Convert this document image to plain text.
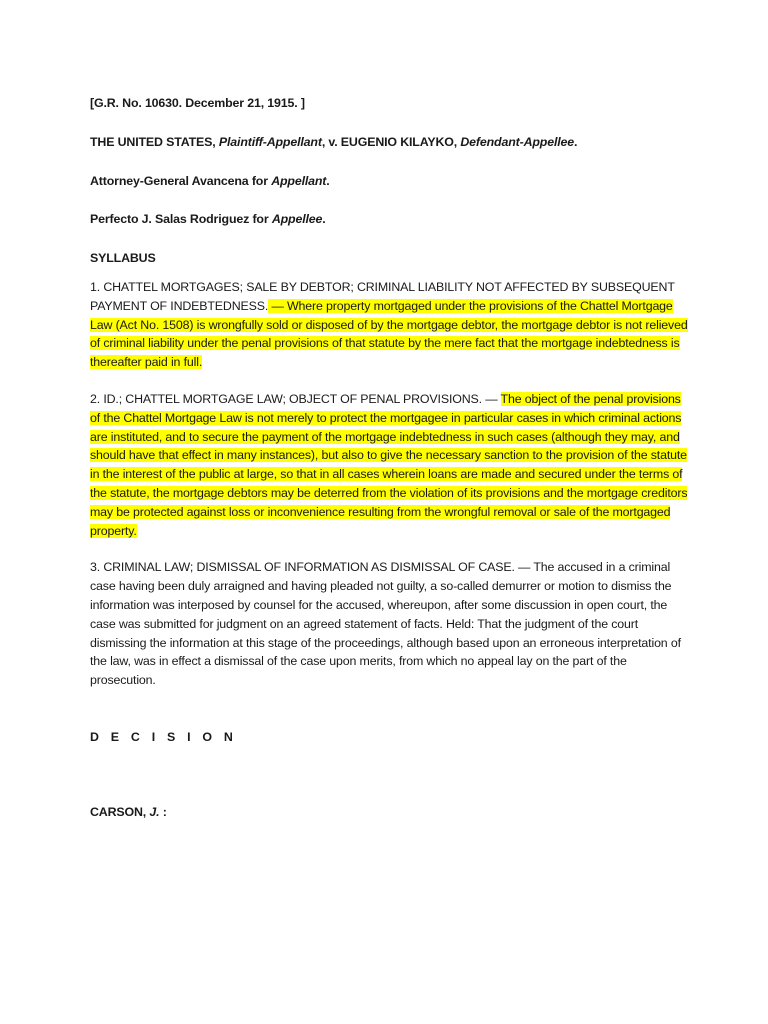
[G.R. No. 10630. December 21, 1915. ]

THE UNITED STATES, Plaintiff-Appellant, v. EUGENIO KILAYKO, Defendant-Appellee.

Attorney-General Avancena for Appellant.

Perfecto J. Salas Rodriguez for Appellee.

SYLLABUS

1. CHATTEL MORTGAGES; SALE BY DEBTOR; CRIMINAL LIABILITY NOT AFFECTED BY SUBSEQUENT PAYMENT OF INDEBTEDNESS. — Where property mortgaged under the provisions of the Chattel Mortgage Law (Act No. 1508) is wrongfully sold or disposed of by the mortgage debtor, the mortgage debtor is not relieved of criminal liability under the penal provisions of that statute by the mere fact that the mortgage indebtedness is thereafter paid in full.

2. ID.; CHATTEL MORTGAGE LAW; OBJECT OF PENAL PROVISIONS. — The object of the penal provisions of the Chattel Mortgage Law is not merely to protect the mortgagee in particular cases in which criminal actions are instituted, and to secure the payment of the mortgage indebtedness in such cases (although they may, and should have that effect in many instances), but also to give the necessary sanction to the provision of the statute in the interest of the public at large, so that in all cases wherein loans are made and secured under the terms of the statute, the mortgage debtors may be deterred from the violation of its provisions and the mortgage creditors may be protected against loss or inconvenience resulting from the wrongful removal or sale of the mortgaged property.

3. CRIMINAL LAW; DISMISSAL OF INFORMATION AS DISMISSAL OF CASE. — The accused in a criminal case having been duly arraigned and having pleaded not guilty, a so-called demurrer or motion to dismiss the information was interposed by counsel for the accused, whereupon, after some discussion in open court, the case was submitted for judgment on an agreed statement of facts. Held: That the judgment of the court dismissing the information at this stage of the proceedings, although based upon an erroneous interpretation of the law, was in effect a dismissal of the case upon merits, from which no appeal lay on the part of the prosecution.

D E C I S I O N

CARSON, J. :
